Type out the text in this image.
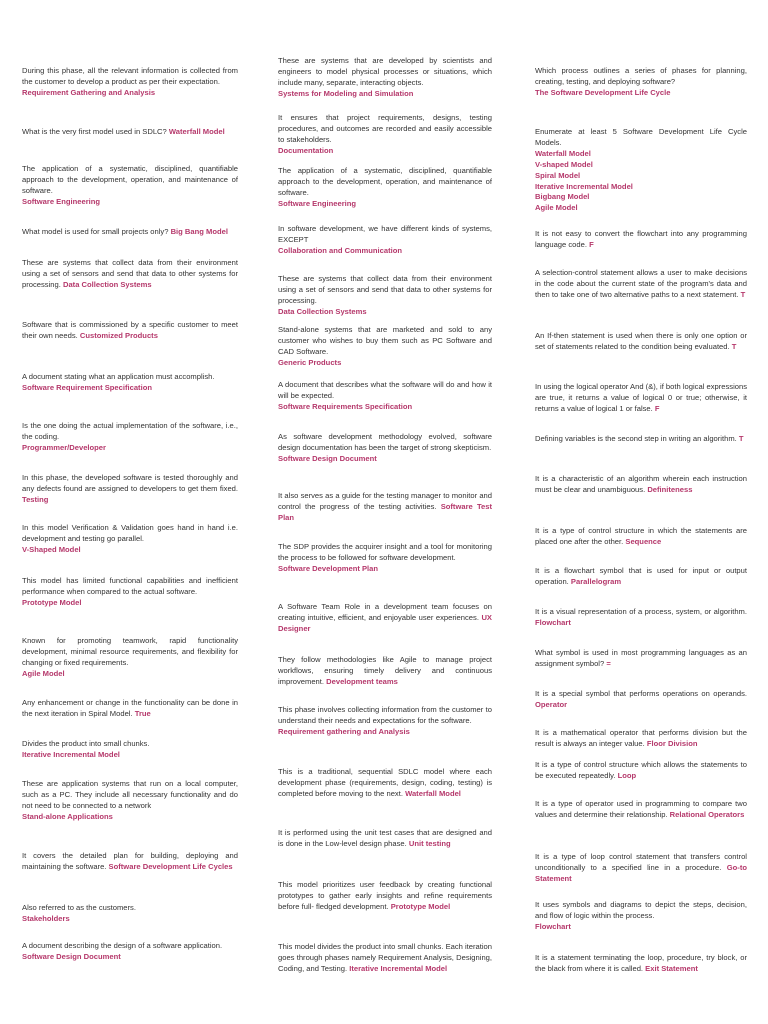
During this phase, all the relevant information is collected from the customer to develop a product as per their expectation.
Requirement Gathering and Analysis
What is the very first model used in SDLC? Waterfall Model
The application of a systematic, disciplined, quantifiable approach to the development, operation, and maintenance of software.
Software Engineering
What model is used for small projects only? Big Bang Model
These are systems that collect data from their environment using a set of sensors and send that data to other systems for processing. Data Collection Systems
Software that is commissioned by a specific customer to meet their own needs. Customized Products
A document stating what an application must accomplish.
Software Requirement Specification
Is the one doing the actual implementation of the software, i.e., the coding.
Programmer/Developer
In this phase, the developed software is tested thoroughly and any defects found are assigned to developers to get them fixed. Testing
In this model Verification & Validation goes hand in hand i.e. development and testing go parallel.
V-Shaped Model
This model has limited functional capabilities and inefficient performance when compared to the actual software.
Prototype Model
Known for promoting teamwork, rapid functionality development, minimal resource requirements, and flexibility for changing or fixed requirements.
Agile Model
Any enhancement or change in the functionality can be done in the next iteration in Spiral Model. True
Divides the product into small chunks.
Iterative Incremental Model
These are application systems that run on a local computer, such as a PC. They include all necessary functionality and do not need to be connected to a network
Stand-alone Applications
It covers the detailed plan for building, deploying and maintaining the software. Software Development Life Cycles
Also referred to as the customers.
Stakeholders
A document describing the design of a software application.
Software Design Document
These are systems that are developed by scientists and engineers to model physical processes or situations, which include many, separate, interacting objects.
Systems for Modeling and Simulation
It ensures that project requirements, designs, testing procedures, and outcomes are recorded and easily accessible to stakeholders.
Documentation
The application of a systematic, disciplined, quantifiable approach to the development, operation, and maintenance of software.
Software Engineering
In software development, we have different kinds of systems, EXCEPT
Collaboration and Communication
These are systems that collect data from their environment using a set of sensors and send that data to other systems for processing.
Data Collection Systems
Stand-alone systems that are marketed and sold to any customer who wishes to buy them such as PC Software and CAD Software.
Generic Products
A document that describes what the software will do and how it will be expected.
Software Requirements Specification
As software development methodology evolved, software design documentation has been the target of strong skepticism.
Software Design Document
It also serves as a guide for the testing manager to monitor and control the progress of the testing activities. Software Test Plan
The SDP provides the acquirer insight and a tool for monitoring the process to be followed for software development.
Software Development Plan
A Software Team Role in a development team focuses on creating intuitive, efficient, and enjoyable user experiences. UX Designer
They follow methodologies like Agile to manage project workflows, ensuring timely delivery and continuous improvement. Development teams
This phase involves collecting information from the customer to understand their needs and expectations for the software.
Requirement gathering and Analysis
This is a traditional, sequential SDLC model where each development phase (requirements, design, coding, testing) is completed before moving to the next. Waterfall Model
It is performed using the unit test cases that are designed and is done in the Low-level design phase. Unit testing
This model prioritizes user feedback by creating functional prototypes to gather early insights and refine requirements before full- fledged development. Prototype Model
This model divides the product into small chunks. Each iteration goes through phases namely Requirement Analysis, Designing, Coding, and Testing. Iterative Incremental Model
Which process outlines a series of phases for planning, creating, testing, and deploying software?
The Software Development Life Cycle
Enumerate at least 5 Software Development Life Cycle Models.
Waterfall Model
V-shaped Model
Spiral Model
Iterative Incremental Model
Bigbang Model
Agile Model
It is not easy to convert the flowchart into any programming language code. F
A selection-control statement allows a user to make decisions in the code about the current state of the program's data and then to take one of two alternative paths to a next statement. T
An If-then statement is used when there is only one option or set of statements related to the condition being evaluated. T
In using the logical operator And (&), if both logical expressions are true, it returns a value of logical 0 or true; otherwise, it returns a value of logical 1 or false. F
Defining variables is the second step in writing an algorithm. T
It is a characteristic of an algorithm wherein each instruction must be clear and unambiguous. Definiteness
It is a type of control structure in which the statements are placed one after the other. Sequence
It is a flowchart symbol that is used for input or output operation. Parallelogram
It is a visual representation of a process, system, or algorithm. Flowchart
What symbol is used in most programming languages as an assignment symbol? =
It is a special symbol that performs operations on operands. Operator
It is a mathematical operator that performs division but the result is always an integer value. Floor Division
It is a type of control structure which allows the statements to be executed repeatedly. Loop
It is a type of operator used in programming to compare two values and determine their relationship. Relational Operators
It is a type of loop control statement that transfers control unconditionally to a specified line in a procedure. Go-to Statement
It uses symbols and diagrams to depict the steps, decision, and flow of logic within the process.
Flowchart
It is a statement terminating the loop, procedure, try block, or the black from where it is called. Exit Statement
